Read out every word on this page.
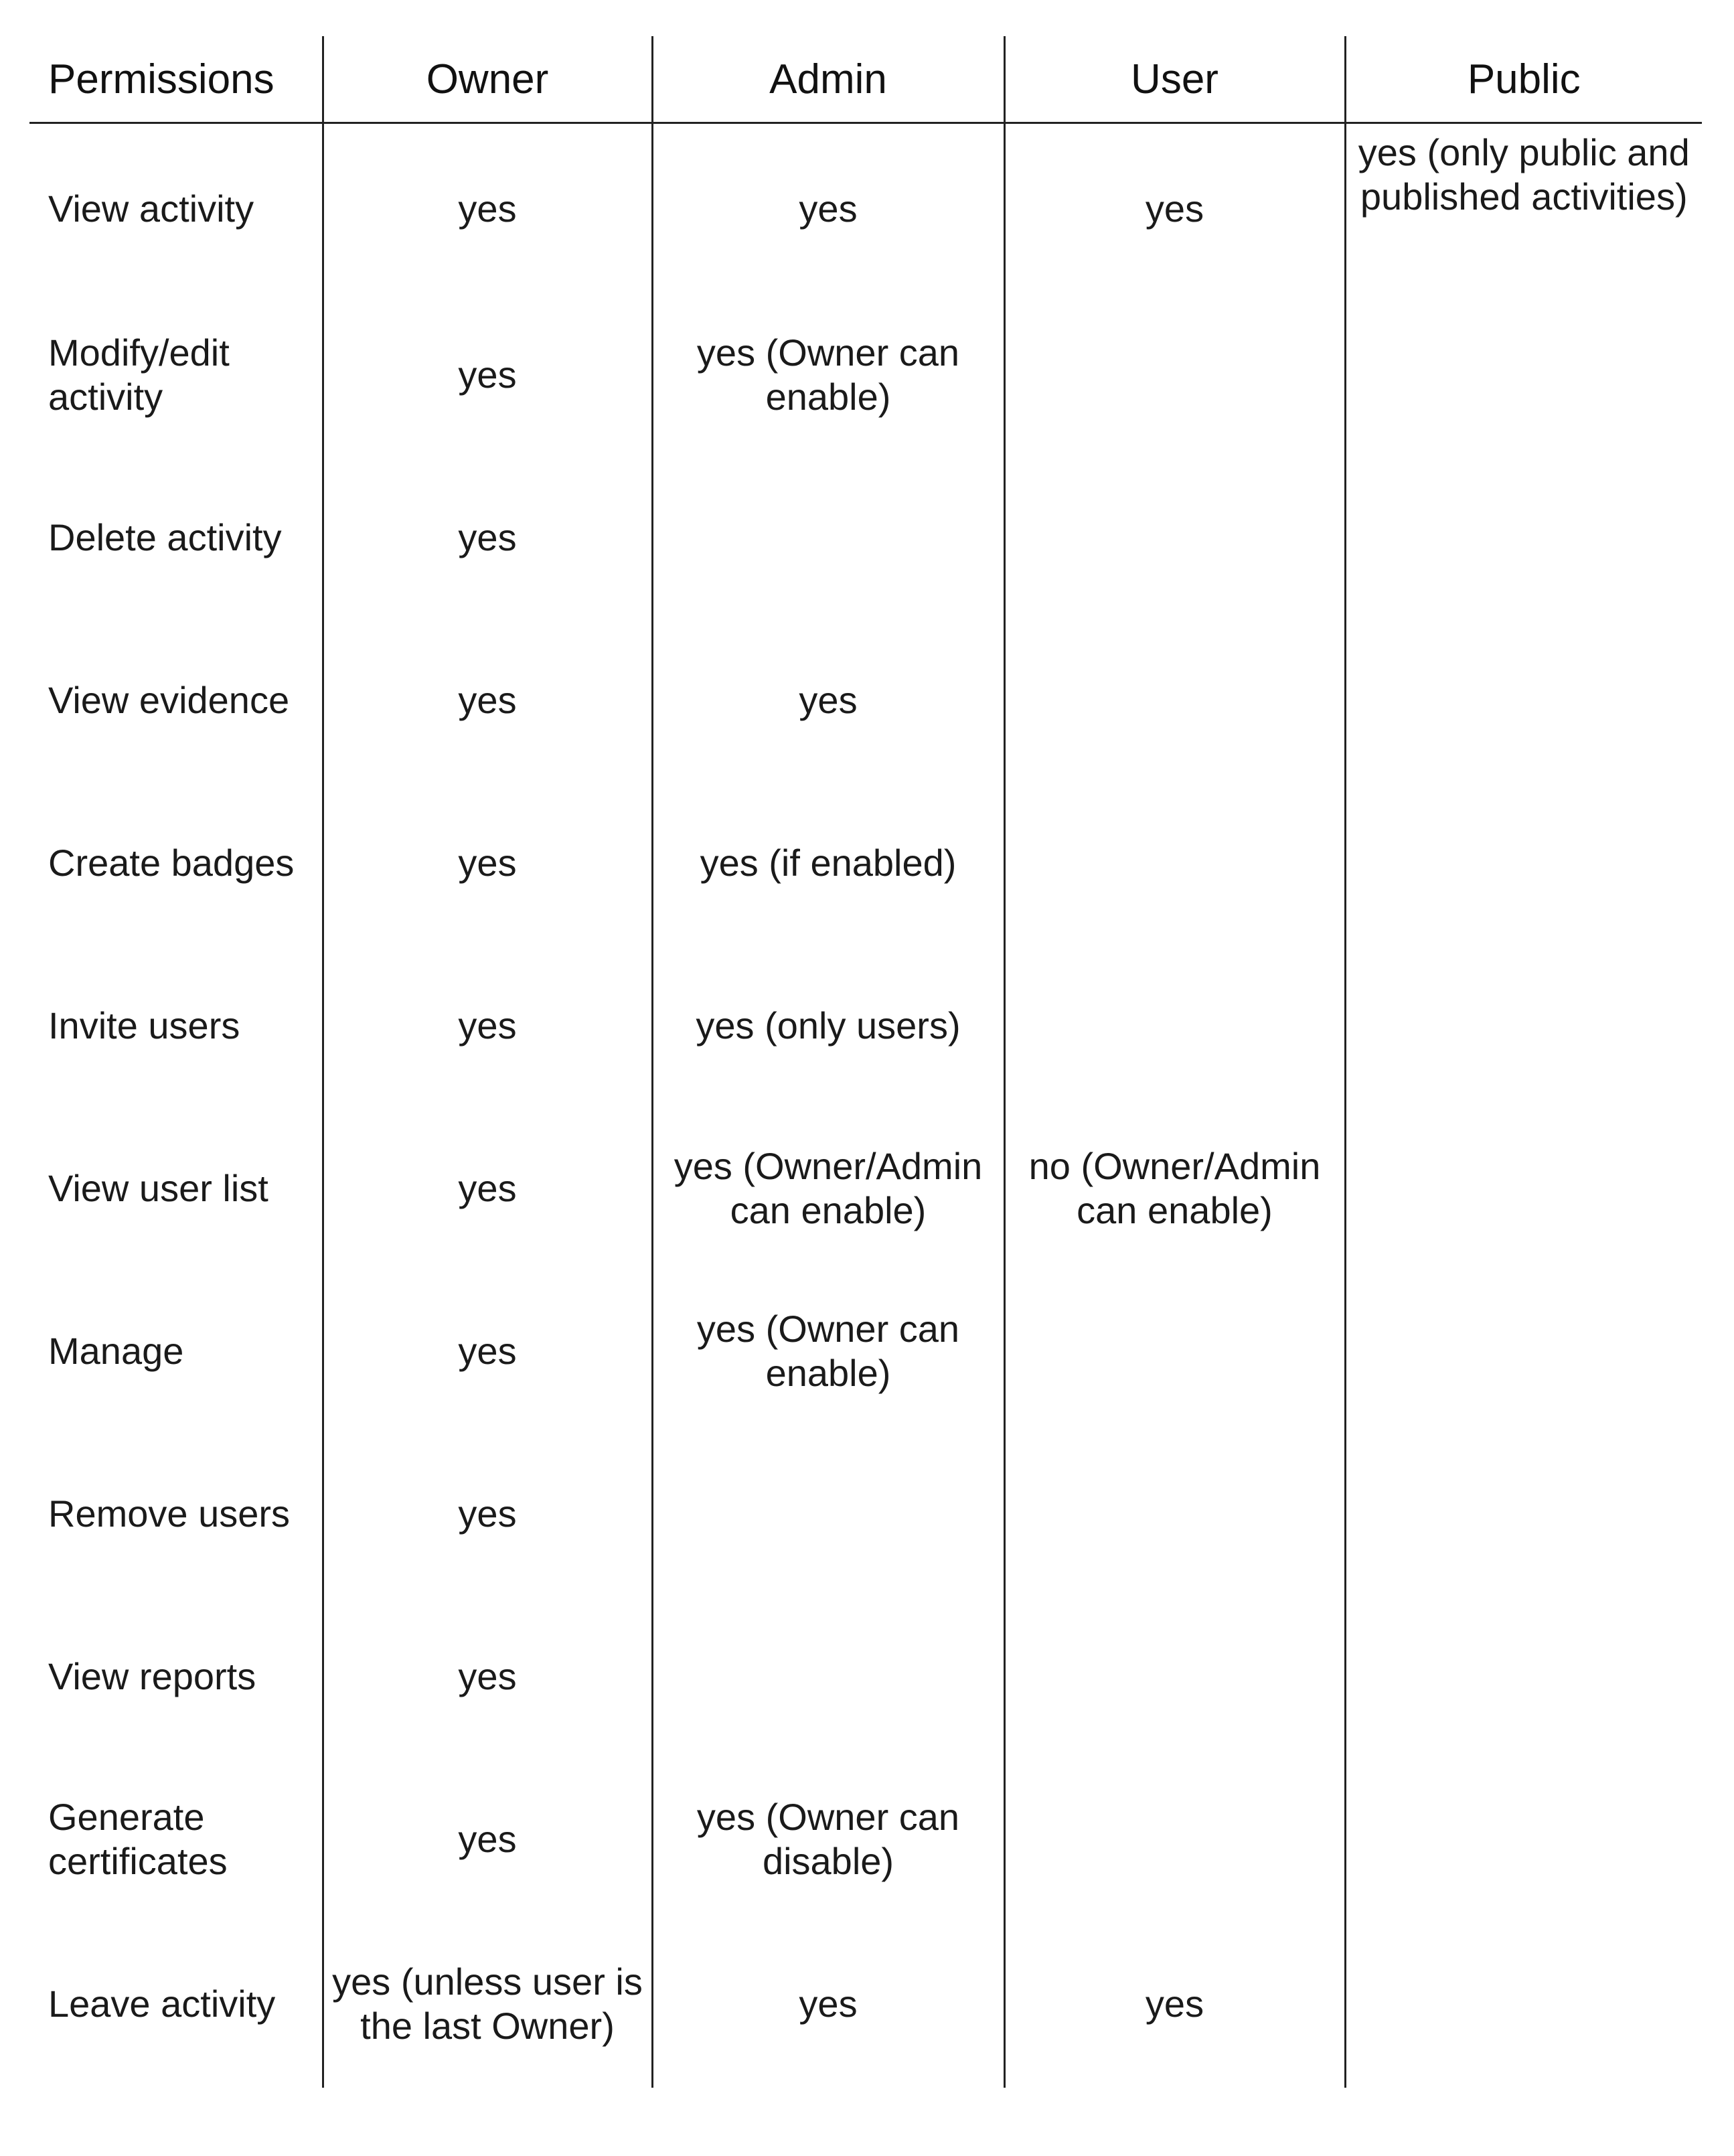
Permissions	Owner	Admin	User	Public
View activity	yes	yes	yes	yes (only public and published activities)
Modify/edit activity	yes	yes (Owner can enable)		
Delete activity	yes			
View evidence	yes	yes		
Create badges	yes	yes (if enabled)		
Invite users	yes	yes (only users)		
View user list	yes	yes (Owner/Admin can enable)	no (Owner/Admin can enable)	
Manage	yes	yes (Owner can enable)		
Remove users	yes			
View reports	yes			
Generate certificates	yes	yes (Owner can disable)		
Leave activity	yes (unless user is the last Owner)	yes	yes	
